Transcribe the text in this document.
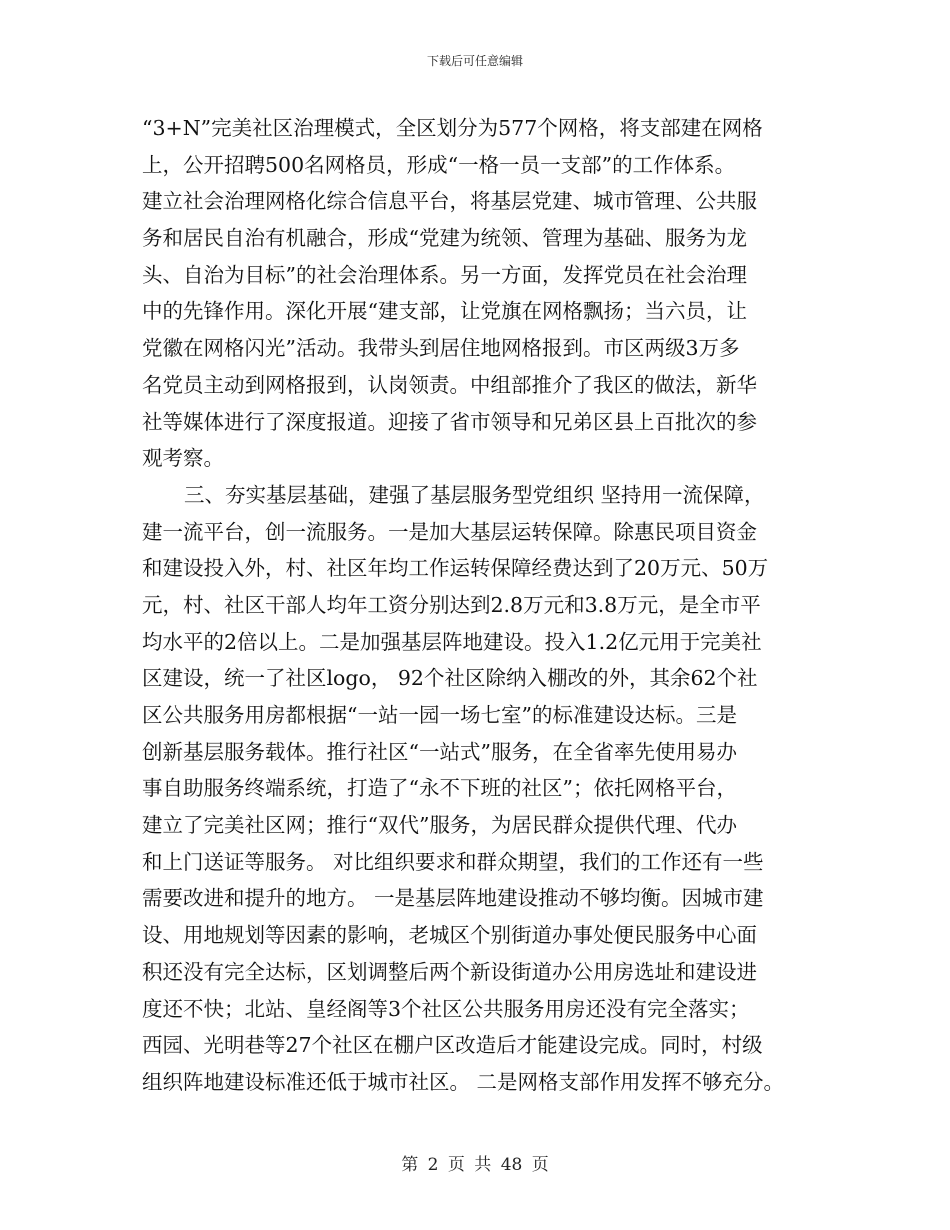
下载后可任意编辑
“3+N”完美社区治理模式，全区划分为577个网格，将支部建在网格
上，公开招聘500名网格员，形成“一格一员一支部”的工作体系。
建立社会治理网格化综合信息平台，将基层党建、城市管理、公共服
务和居民自治有机融合，形成“党建为统领、管理为基础、服务为龙
头、自治为目标”的社会治理体系。另一方面，发挥党员在社会治理
中的先锋作用。深化开展“建支部，让党旗在网格飘扬；当六员，让
党徽在网格闪光”活动。我带头到居住地网格报到。市区两级3万多
名党员主动到网格报到，认岗领责。中组部推介了我区的做法，新华
社等媒体进行了深度报道。迎接了省市领导和兄弟区县上百批次的参
观考察。
三、夯实基层基础，建强了基层服务型党组织 坚持用一流保障，
建一流平台，创一流服务。一是加大基层运转保障。除惠民项目资金
和建设投入外，村、社区年均工作运转保障经费达到了20万元、50万
元，村、社区干部人均年工资分别达到2.8万元和3.8万元，是全市平
均水平的2倍以上。二是加强基层阵地建设。投入1.2亿元用于完美社
区建设，统一了社区logo， 92个社区除纳入棚改的外，其余62个社
区公共服务用房都根据“一站一园一场七室”的标准建设达标。三是
创新基层服务载体。推行社区“一站式”服务，在全省率先使用易办
事自助服务终端系统，打造了“永不下班的社区”；依托网格平台，
建立了完美社区网；推行“双代”服务，为居民群众提供代理、代办
和上门送证等服务。 对比组织要求和群众期望，我们的工作还有一些
需要改进和提升的地方。 一是基层阵地建设推动不够均衡。因城市建
设、用地规划等因素的影响，老城区个别街道办事处便民服务中心面
积还没有完全达标，区划调整后两个新设街道办公用房选址和建设进
度还不快；北站、皇经阁等3个社区公共服务用房还没有完全落实；
西园、光明巷等27个社区在棚户区改造后才能建设完成。同时，村级
组织阵地建设标准还低于城市社区。 二是网格支部作用发挥不够充分。
第 2 页 共 48 页
